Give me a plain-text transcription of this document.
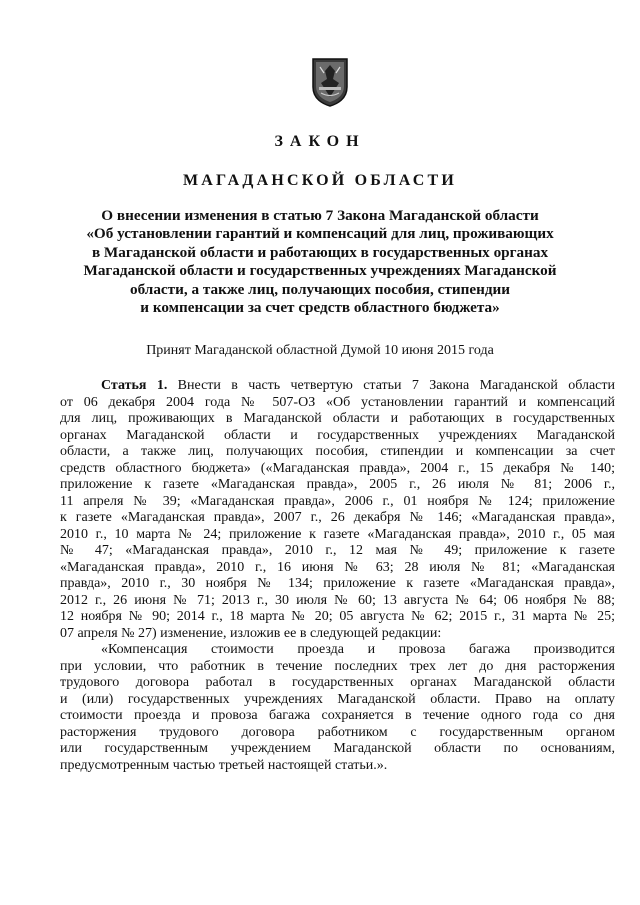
ЗАКОН
МАГАДАНСКОЙ ОБЛАСТИ
О внесении изменения в статью 7 Закона Магаданской области
«Об установлении гарантий и компенсаций для лиц, проживающих
в Магаданской области и работающих в государственных органах
Магаданской области и государственных учреждениях Магаданской
области, а также лиц, получающих пособия, стипендии
и компенсации за счет средств областного бюджета»
Принят Магаданской областной Думой 10 июня 2015 года
Статья 1. Внести в часть четвертую статьи 7 Закона Магаданской области
от 06 декабря 2004 года № 507-ОЗ «Об установлении гарантий и компенсаций
для лиц, проживающих в Магаданской области и работающих в государственных
органах Магаданской области и государственных учреждениях Магаданской
области, а также лиц, получающих пособия, стипендии и компенсации за счет
средств областного бюджета» («Магаданская правда», 2004 г., 15 декабря № 140;
приложение к газете «Магаданская правда», 2005 г., 26 июля № 81; 2006 г.,
11 апреля № 39; «Магаданская правда», 2006 г., 01 ноября № 124; приложение
к газете «Магаданская правда», 2007 г., 26 декабря № 146; «Магаданская правда»,
2010 г., 10 марта № 24; приложение к газете «Магаданская правда», 2010 г., 05 мая
№ 47; «Магаданская правда», 2010 г., 12 мая № 49; приложение к газете
«Магаданская правда», 2010 г., 16 июня № 63; 28 июля № 81; «Магаданская
правда», 2010 г., 30 ноября № 134; приложение к газете «Магаданская правда»,
2012 г., 26 июня № 71; 2013 г., 30 июля № 60; 13 августа № 64; 06 ноября № 88;
12 ноября № 90; 2014 г., 18 марта № 20; 05 августа № 62; 2015 г., 31 марта № 25;
07 апреля № 27) изменение, изложив ее в следующей редакции:
«Компенсация стоимости проезда и провоза багажа производится
при условии, что работник в течение последних трех лет до дня расторжения
трудового договора работал в государственных органах Магаданской области
и (или) государственных учреждениях Магаданской области. Право на оплату
стоимости проезда и провоза багажа сохраняется в течение одного года со дня
расторжения трудового договора работником с государственным органом
или государственным учреждением Магаданской области по основаниям,
предусмотренным частью третьей настоящей статьи.».
